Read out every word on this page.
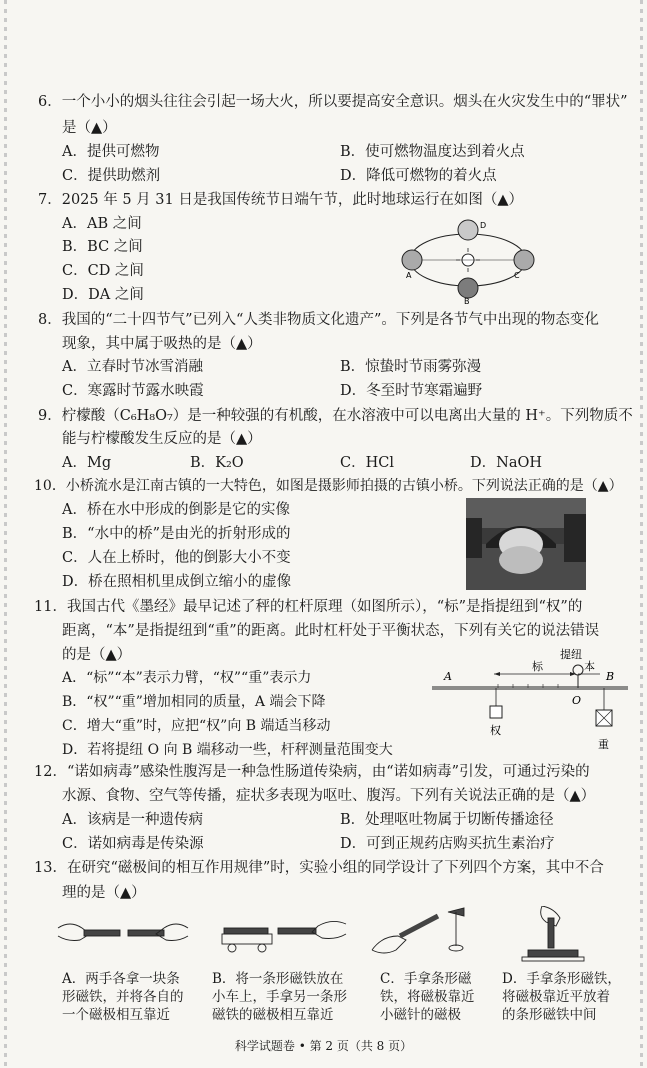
6．一个小小的烟头往往会引起一场大火，所以要提高安全意识。烟头在火灾发生中的“罪状”
是（▲）
A．提供可燃物	B．使可燃物温度达到着火点
C．提供助燃剂	D．降低可燃物的着火点
7．2025 年 5 月 31 日是我国传统节日端午节，此时地球运行在如图（▲）
A．AB 之间
B．BC 之间
C．CD 之间
D．DA 之间
A
B
C
D
8．我国的“二十四节气”已列入“人类非物质文化遗产”。下列是各节气中出现的物态变化
现象，其中属于吸热的是（▲）
A．立春时节冰雪消融	B．惊蛰时节雨雾弥漫
C．寒露时节露水映霞	D．冬至时节寒霜遍野
9．柠檬酸（C₆H₈O₇）是一种较强的有机酸，在水溶液中可以电离出大量的 H⁺。下列物质不
能与柠檬酸发生反应的是（▲）
A．Mg	B．K₂O	C．HCl	D．NaOH
10．小桥流水是江南古镇的一大特色，如图是摄影师拍摄的古镇小桥。下列说法正确的是（▲）
A．桥在水中形成的倒影是它的实像
B．“水中的桥”是由光的折射形成的
C．人在上桥时，他的倒影大小不变
D．桥在照相机里成倒立缩小的虚像
11．我国古代《墨经》最早记述了秤的杠杆原理（如图所示），“标”是指提纽到“权”的
距离，“本”是指提纽到“重”的距离。此时杠杆处于平衡状态，下列有关它的说法错误
的是（▲）
A．“标”“本”表示力臂，“权”“重”表示力
B．“权”“重”增加相同的质量，A 端会下降
C．增大“重”时，应把“权”向 B 端适当移动
D．若将提纽 O 向 B 端移动一些，杆秤测量范围变大
提纽
标	本
A	B
O
权
重
12．“诺如病毒”感染性腹泻是一种急性肠道传染病，由“诺如病毒”引发，可通过污染的
水源、食物、空气等传播，症状多表现为呕吐、腹泻。下列有关说法正确的是（▲）
A．该病是一种遗传病	B．处理呕吐物属于切断传播途径
C．诺如病毒是传染源	D．可到正规药店购买抗生素治疗
13．在研究“磁极间的相互作用规律”时，实验小组的同学设计了下列四个方案，其中不合
理的是（▲）
A．两手各拿一块条
形磁铁，并将各自的
一个磁极相互靠近
B．将一条形磁铁放在
小车上，手拿另一条形
磁铁的磁极相互靠近
C．手拿条形磁
铁，将磁极靠近
小磁针的磁极
D．手拿条形磁铁，
将磁极靠近平放着
的条形磁铁中间
科学试题卷 • 第 2 页（共 8 页）
